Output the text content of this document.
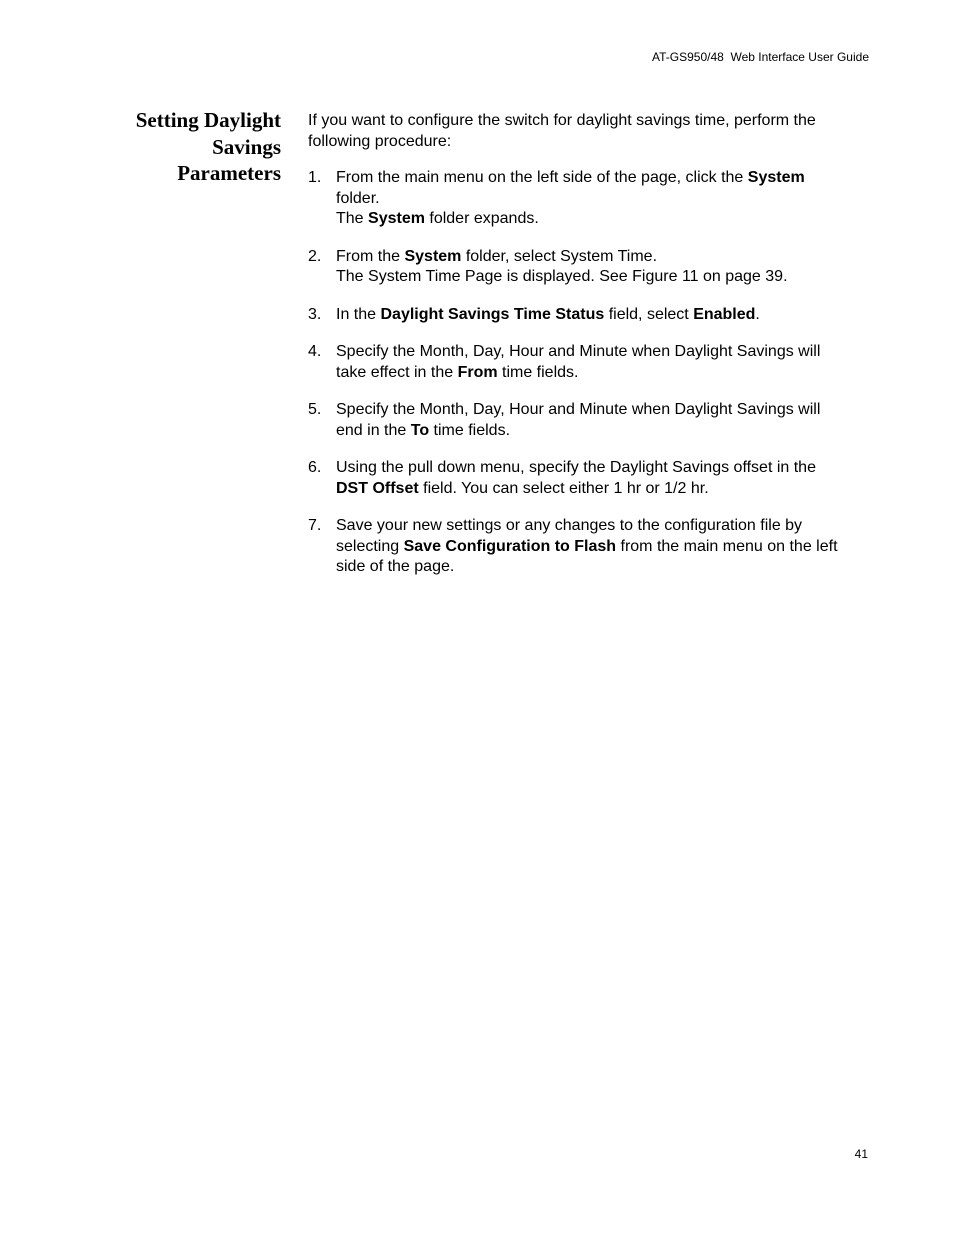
AT-GS950/48  Web Interface User Guide
Setting Daylight
Savings
Parameters

If you want to configure the switch for daylight savings time, perform the
following procedure:

1. From the main menu on the left side of the page, click the System
folder.
The System folder expands.
2. From the System folder, select System Time.
The System Time Page is displayed. See Figure 11 on page 39.
3. In the Daylight Savings Time Status field, select Enabled.
4. Specify the Month, Day, Hour and Minute when Daylight Savings will
take effect in the From time fields.
5. Specify the Month, Day, Hour and Minute when Daylight Savings will
end in the To time fields.
6. Using the pull down menu, specify the Daylight Savings offset in the
DST Offset field. You can select either 1 hr or 1/2 hr.
7. Save your new settings or any changes to the configuration file by
selecting Save Configuration to Flash from the main menu on the left
side of the page.
41
